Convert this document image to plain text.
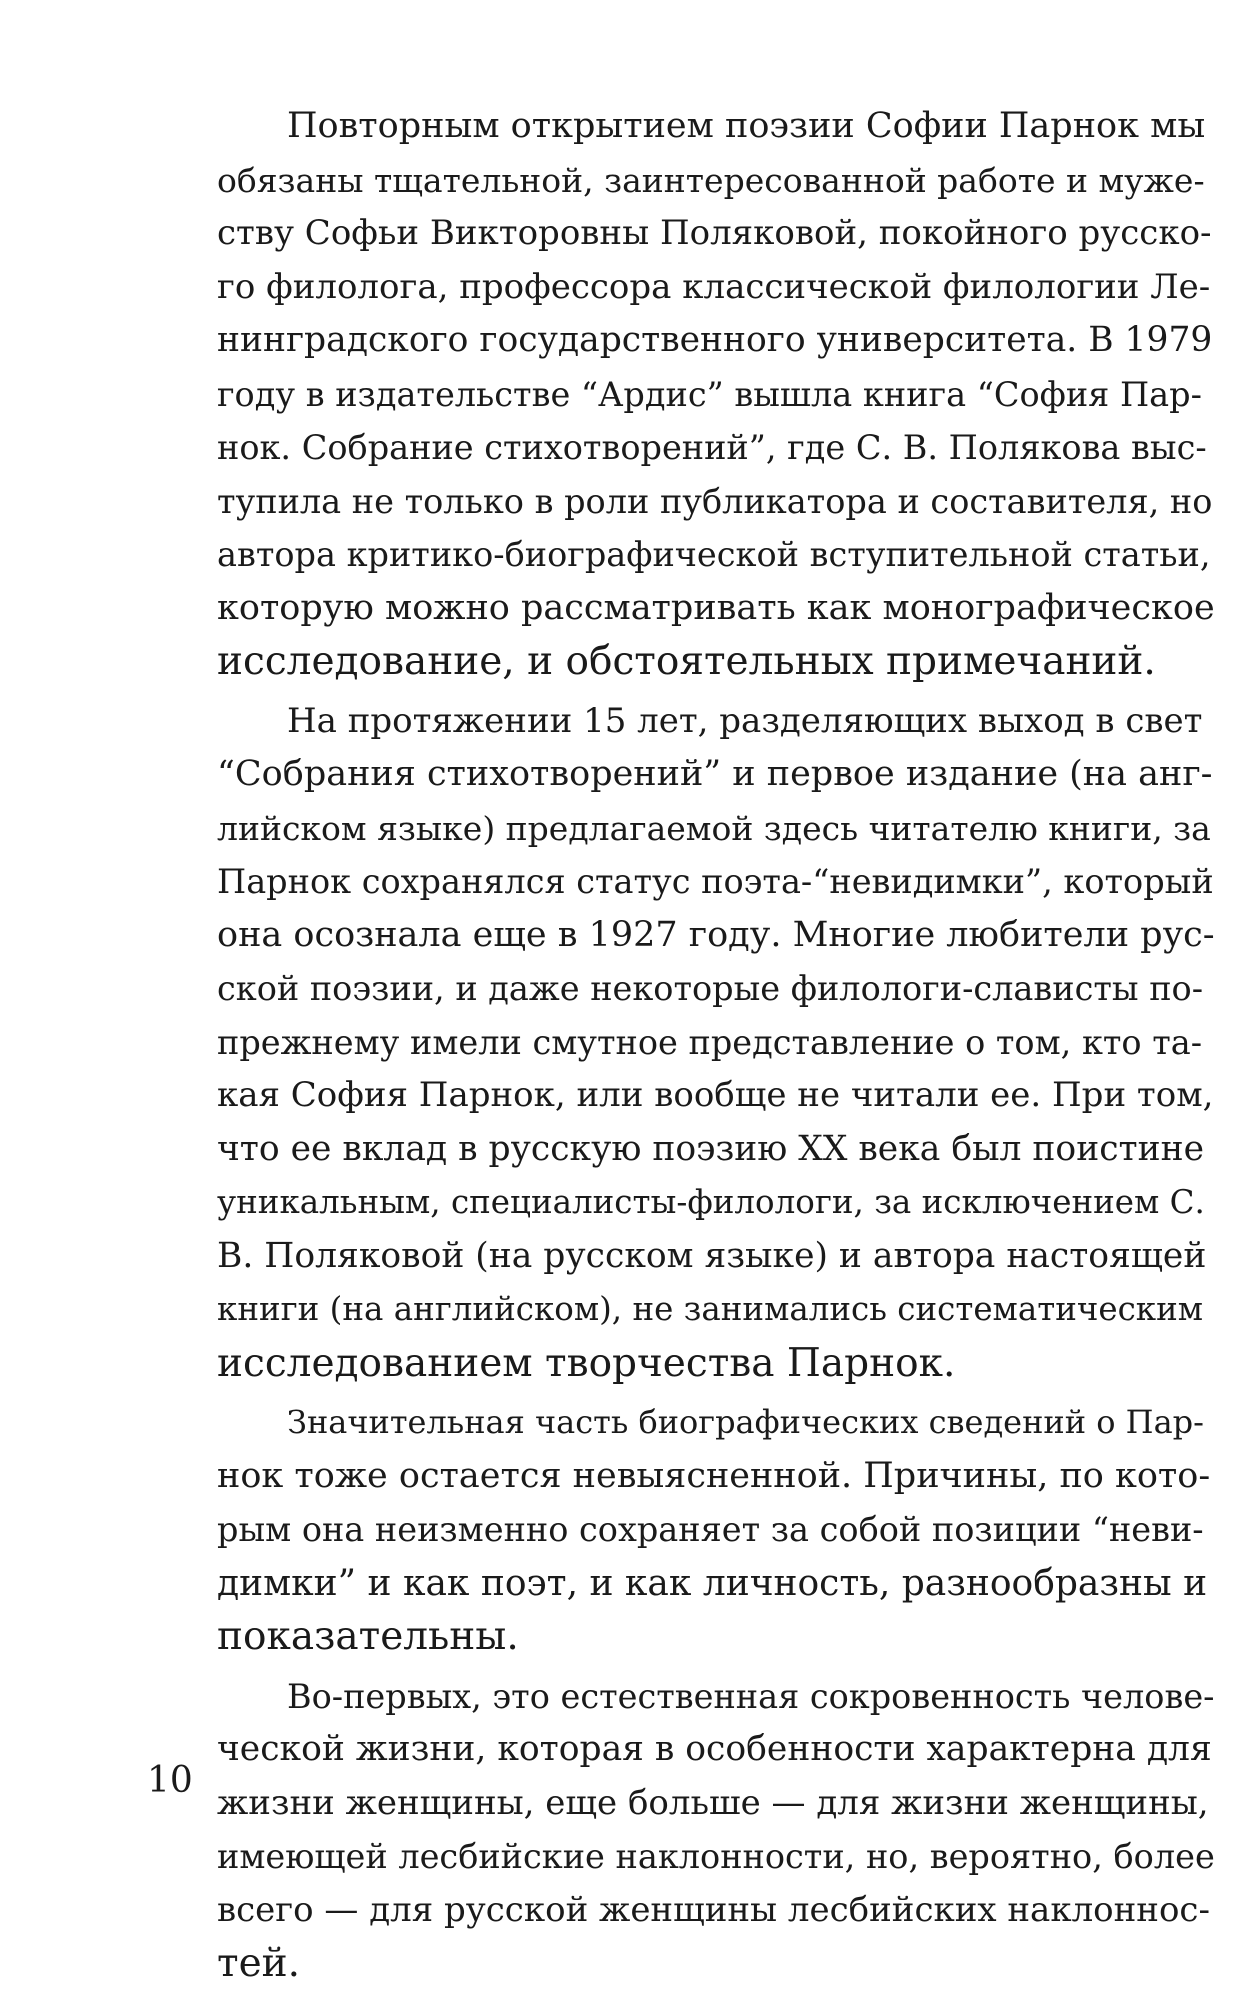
Повторным открытием поэзии Софии Парнок мы
обязаны тщательной, заинтересованной работе и муже-
ству Софьи Викторовны Поляковой, покойного русско-
го филолога, профессора классической филологии Ле-
нинградского государственного университета. В 1979
году в издательстве “Ардис” вышла книга “София Пар-
нок. Собрание стихотворений”, где С. В. Полякова выс-
тупила не только в роли публикатора и составителя, но
автора критико-биографической вступительной статьи,
которую можно рассматривать как монографическое
исследование, и обстоятельных примечаний.
На протяжении 15 лет, разделяющих выход в свет
“Собрания стихотворений” и первое издание (на анг-
лийском языке) предлагаемой здесь читателю книги, за
Парнок сохранялся статус поэта-“невидимки”, который
она осознала еще в 1927 году. Многие любители рус-
ской поэзии, и даже некоторые филологи-слависты по-
прежнему имели смутное представление о том, кто та-
кая София Парнок, или вообще не читали ее. При том,
что ее вклад в русскую поэзию XX века был поистине
уникальным, специалисты-филологи, за исключением С.
В. Поляковой (на русском языке) и автора настоящей
книги (на английском), не занимались систематическим
исследованием творчества Парнок.
Значительная часть биографических сведений о Пар-
нок тоже остается невыясненной. Причины, по кото-
рым она неизменно сохраняет за собой позиции “неви-
димки” и как поэт, и как личность, разнообразны и
показательны.
Во-первых, это естественная сокровенность челове-
ческой жизни, которая в особенности характерна для
жизни женщины, еще больше — для жизни женщины,
имеющей лесбийские наклонности, но, вероятно, более
всего — для русской женщины лесбийских наклоннос-
тей.
10
